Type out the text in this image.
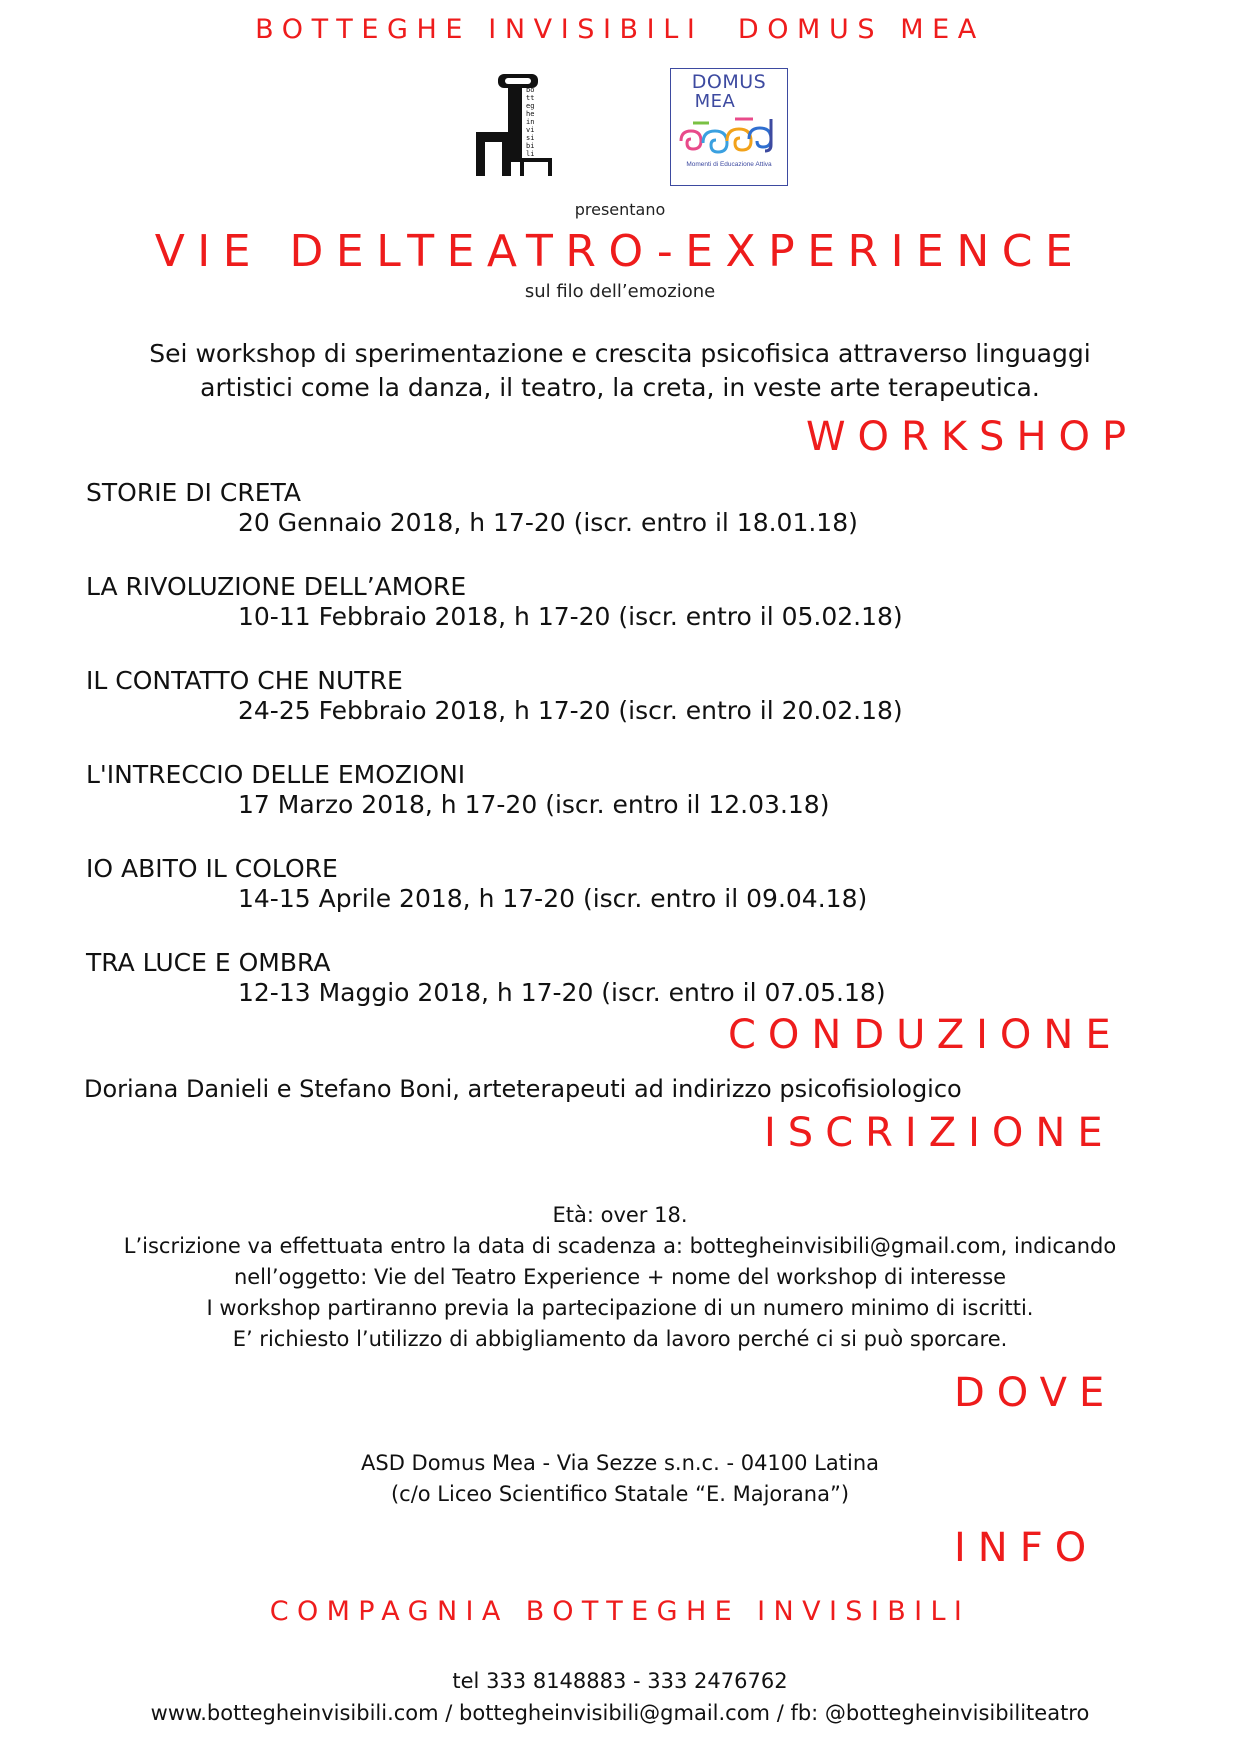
BOTTEGHE INVISIBILI  DOMUS MEA
bo
tt
eg
he
in
vi
si
bi
li
DOMUS
MEA
Momenti di Educazione Attiva
presentano
VIE DELTEATRO-EXPERIENCE
sul filo dell’emozione
Sei workshop di sperimentazione e crescita psicofisica attraverso linguaggi
artistici come la danza, il teatro, la creta, in veste arte terapeutica.
WORKSHOP
STORIE DI CRETA
20 Gennaio 2018, h 17-20 (iscr. entro il 18.01.18)
LA RIVOLUZIONE DELL’AMORE
10-11 Febbraio 2018, h 17-20 (iscr. entro il 05.02.18)
IL CONTATTO CHE NUTRE
24-25 Febbraio 2018, h 17-20 (iscr. entro il 20.02.18)
L'INTRECCIO DELLE EMOZIONI
17 Marzo 2018, h 17-20 (iscr. entro il 12.03.18)
IO ABITO IL COLORE
14-15 Aprile 2018, h 17-20 (iscr. entro il 09.04.18)
TRA LUCE E OMBRA
12-13 Maggio 2018, h 17-20 (iscr. entro il 07.05.18)
CONDUZIONE
Doriana Danieli e Stefano Boni, arteterapeuti ad indirizzo psicofisiologico
ISCRIZIONE
Età: over 18.
L’iscrizione va effettuata entro la data di scadenza a: bottegheinvisibili@gmail.com, indicando
nell’oggetto: Vie del Teatro Experience + nome del workshop di interesse
I workshop partiranno previa la partecipazione di un numero minimo di iscritti.
E’ richiesto l’utilizzo di abbigliamento da lavoro perché ci si può sporcare.
DOVE
ASD Domus Mea - Via Sezze s.n.c. - 04100 Latina
(c/o Liceo Scientifico Statale “E. Majorana”)
INFO
COMPAGNIA BOTTEGHE INVISIBILI
tel 333 8148883 - 333 2476762
www.bottegheinvisibili.com / bottegheinvisibili@gmail.com / fb: @bottegheinvisibiliteatro
